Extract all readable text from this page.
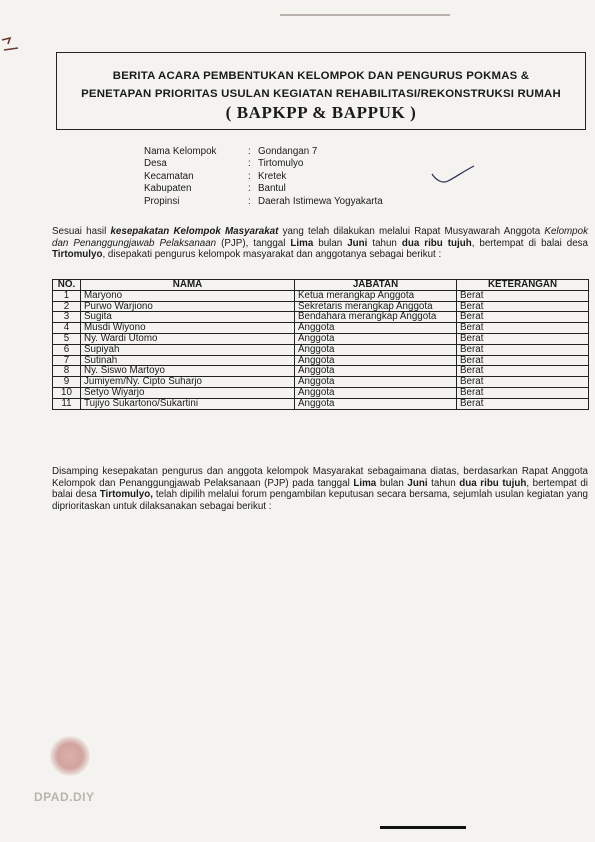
BERITA ACARA PEMBENTUKAN KELOMPOK DAN PENGURUS POKMAS &
PENETAPAN PRIORITAS USULAN KEGIATAN REHABILITASI/REKONSTRUKSI RUMAH
( BAPKPP & BAPPUK )
Nama Kelompok	: Gondangan 7
Desa	: Tirtomulyo
Kecamatan	: Kretek
Kabupaten	: Bantul
Propinsi	: Daerah Istimewa Yogyakarta
Sesuai hasil kesepakatan Kelompok Masyarakat yang telah dilakukan melalui Rapat Musyawarah Anggota Kelompok dan Penanggungjawab Pelaksanaan (PJP), tanggal Lima bulan Juni tahun dua ribu tujuh, bertempat di balai desa Tirtomulyo, disepakati pengurus kelompok masyarakat dan anggotanya sebagai berikut :
NO.	NAMA	JABATAN	KETERANGAN
1	Maryono	Ketua merangkap Anggota	Berat
2	Purwo Warjiono	Sekretaris merangkap Anggota	Berat
3	Sugita	Bendahara merangkap Anggota	Berat
4	Musdi Wiyono	Anggota	Berat
5	Ny. Wardi Utomo	Anggota	Berat
6	Supiyah	Anggota	Berat
7	Sutinah	Anggota	Berat
8	Ny. Siswo Martoyo	Anggota	Berat
9	Jumiyem/Ny. Cipto Suharjo	Anggota	Berat
10	Setyo Wiyarjo	Anggota	Berat
11	Tujiyo Sukartono/Sukartini	Anggota	Berat
Disamping kesepakatan pengurus dan anggota kelompok Masyarakat sebagaimana diatas, berdasarkan Rapat Anggota Kelompok dan Penanggungjawab Pelaksanaan (PJP) pada tanggal Lima bulan Juni tahun dua ribu tujuh, bertempat di balai desa Tirtomulyo, telah dipilih melalui forum pengambilan keputusan secara bersama, sejumlah usulan kegiatan yang diprioritaskan untuk dilaksanakan sebagai berikut :
DPAD.DIY
